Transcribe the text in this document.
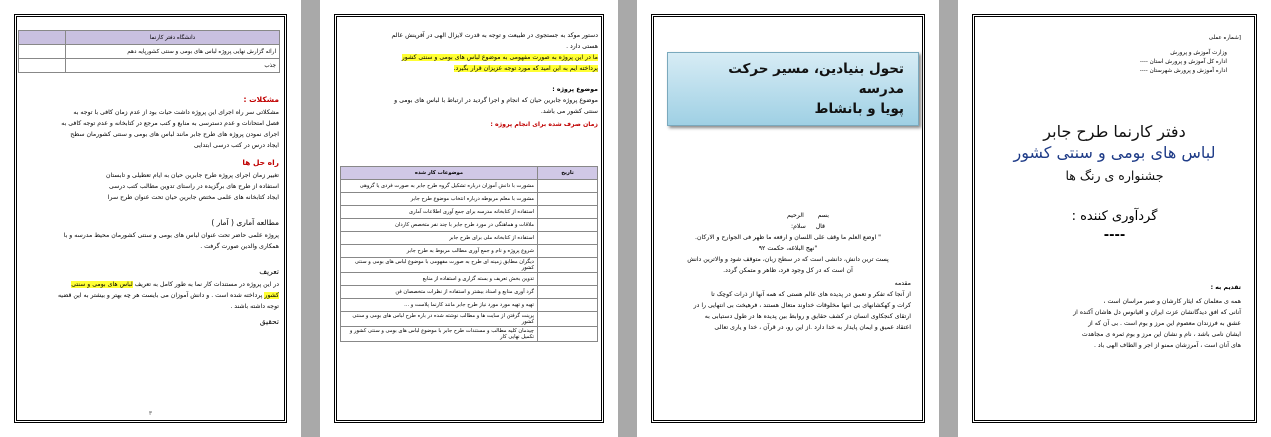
دانشگاه دفتر کارنما	
ارائه گزارش نهایی پروژه لباس های بومی و سنتی کشورپایه دهم	
جذب	
مشکلات :

مشکلاتی سر راه اجرای این پروژه داشت حیات بود از عدم زمان کافی با توجه به

فصل امتحانات و عدم دسترسی به منابع و کتب مرجع در کتابخانه و عدم توجه کافی به

اجرای نمودن پروژه های طرح جابر مانند لباس های بومی و سنتی کشورمان سطح

ایجاد درس در کتب درسی ابتدایی

راه حل ها

تغییر زمان اجرای پروژه طرح جابرین حیان به ایام تعطیلی و تابستان

استفاده از طرح های برگزیده در راستای تدوین مطالب کتب درسی

ایجاد کتابخانه های علمی مختص جابرین حیان تحت عنوان طرح سرا

مطالعه آماری ( آمار )

پروژه علمی حاضر تحت عنوان لباس های بومی و سنتی کشورمان محیط مدرسه و با

همکاری والدین صورت گرفت .

تعریف

در این پروژه در مستندات کار نما به طور کامل به تعریف لباس های بومی و سنتی

کشور پرداخته شده است . و دانش آموزان می بایست هر چه بهتر و بیشتر به این قضیه

توجه داشته باشند .

تحقیق
۳

دستور موکد به جستجوی در طبیعت و توجه به قدرت لایزال الهی در آفرینش عالم

هستی دارد .

ما در این پروژه به صورت مفهومی به موضوع لباس های بومی و سنتی کشور

پرداخته ایم به این امید که مورد توجه عزیزان قرار بگیرد.

موضوع پروژه :

موضوع پروژه جابرین حیان که انجام و اجرا گردید در ارتباط با لباس های بومی و

سنتی کشور می باشد.

زمان صرف شده برای انجام پروژه :

تاریخ	موضوعات کار شده
	مشورت با دانش آموزان درباره تشکیل گروه طرح جابر به صورت فردی یا گروهی
	مشورت با معلم مربوطه درباره انتخاب موضوع طرح جابر
	استفاده از کتابخانه مدرسه برای جمع آوری اطلاعات آماری
	ملاقات و هماهنگی در مورد طرح جابر با چند نفر متخصص کاردان
	استفاده از کتابخانه ملی برای طرح جابر
	شروع پروژه و نام و جمع آوری مطالب مربوط به طرح جابر
	دیگران مطابق زمینه ای طرح به صورت مفهومی با موضوع لباس های بومی و سنتی کشور
	تدوین بخش تعریف و بسته گزاری و استفاده از منابع
	گرد آوری منابع و اسناد بیشتر و استفاده از نظرات متخصصان فن
	تهیه و تهیه مورد مورد نیاز طرح جابر مانند کارنما پلاست و ...
	پرینت گرفتن از سایت ها و مطالب نوشته شده در باره طرح لباس های بومی و سنتی کشور
	چیدمان کلیه مطالب و مستندات طرح جابر با موضوع لباس های بومی و سنتی کشور و تکمیل نهایی کار
تحول بنیادین، مسیر حرکت مدرسه
پویا و بانشاط

بسم       الرحیم

قال     سلام:

" اوضع العلم ما وقف علی اللسان و ارفعه ما ظهر فی الجوارح و الارکان.

"نهج البلاغه، حکمت ۹۲

پست ترین دانش، دانشی است که در سطح زبان، متوقف شود و والاترین دانش

آن است که در کل وجود فرد، ظاهر و متمکن گردد.

مقدمه

از آنجا که تفکر و تعمق در پدیده های عالم هستی که همه آنها از ذرات کوچک تا

کرات و کهکشانهای بی انتها مخلوقات خداوند متعال هستند ، فرهیخت بی انتهایی را در

ارتقای کنجکاوی انسان در کشف حقایق و روابط بین پدیده ها در طول دستیابی به

اعتقاد عمیق و ایمان پایدار به خدا دارد .از این رو، در قرآن ، خدا و یاری تعالی

[شماره عملی

وزارت آموزش و پرورش

اداره کل آموزش و پرورش استان ----

اداره آموزش و پرورش شهرستان ----

دفتر کارنما طرح جابر
لباس های بومی و سنتی کشور
جشنواره ی رنگ ها
گردآوری کننده :
----

تقدیم به :

همه ی معلمان که ایثار کارشان و صبر مراسان است ،

آنانی که افق دیدگانشان عزت ایران و اقیانوس دل هاشان آکنده از

عشق به فرزندان معصوم این مرز و بوم است . بی آن که از

ایشان نامی باشد ، نام و نشان این مرز و بوم ثمره ی مجاهدت

های آنان است ، آمرزشان ممنو از اجر و الطاف الهی باد .
